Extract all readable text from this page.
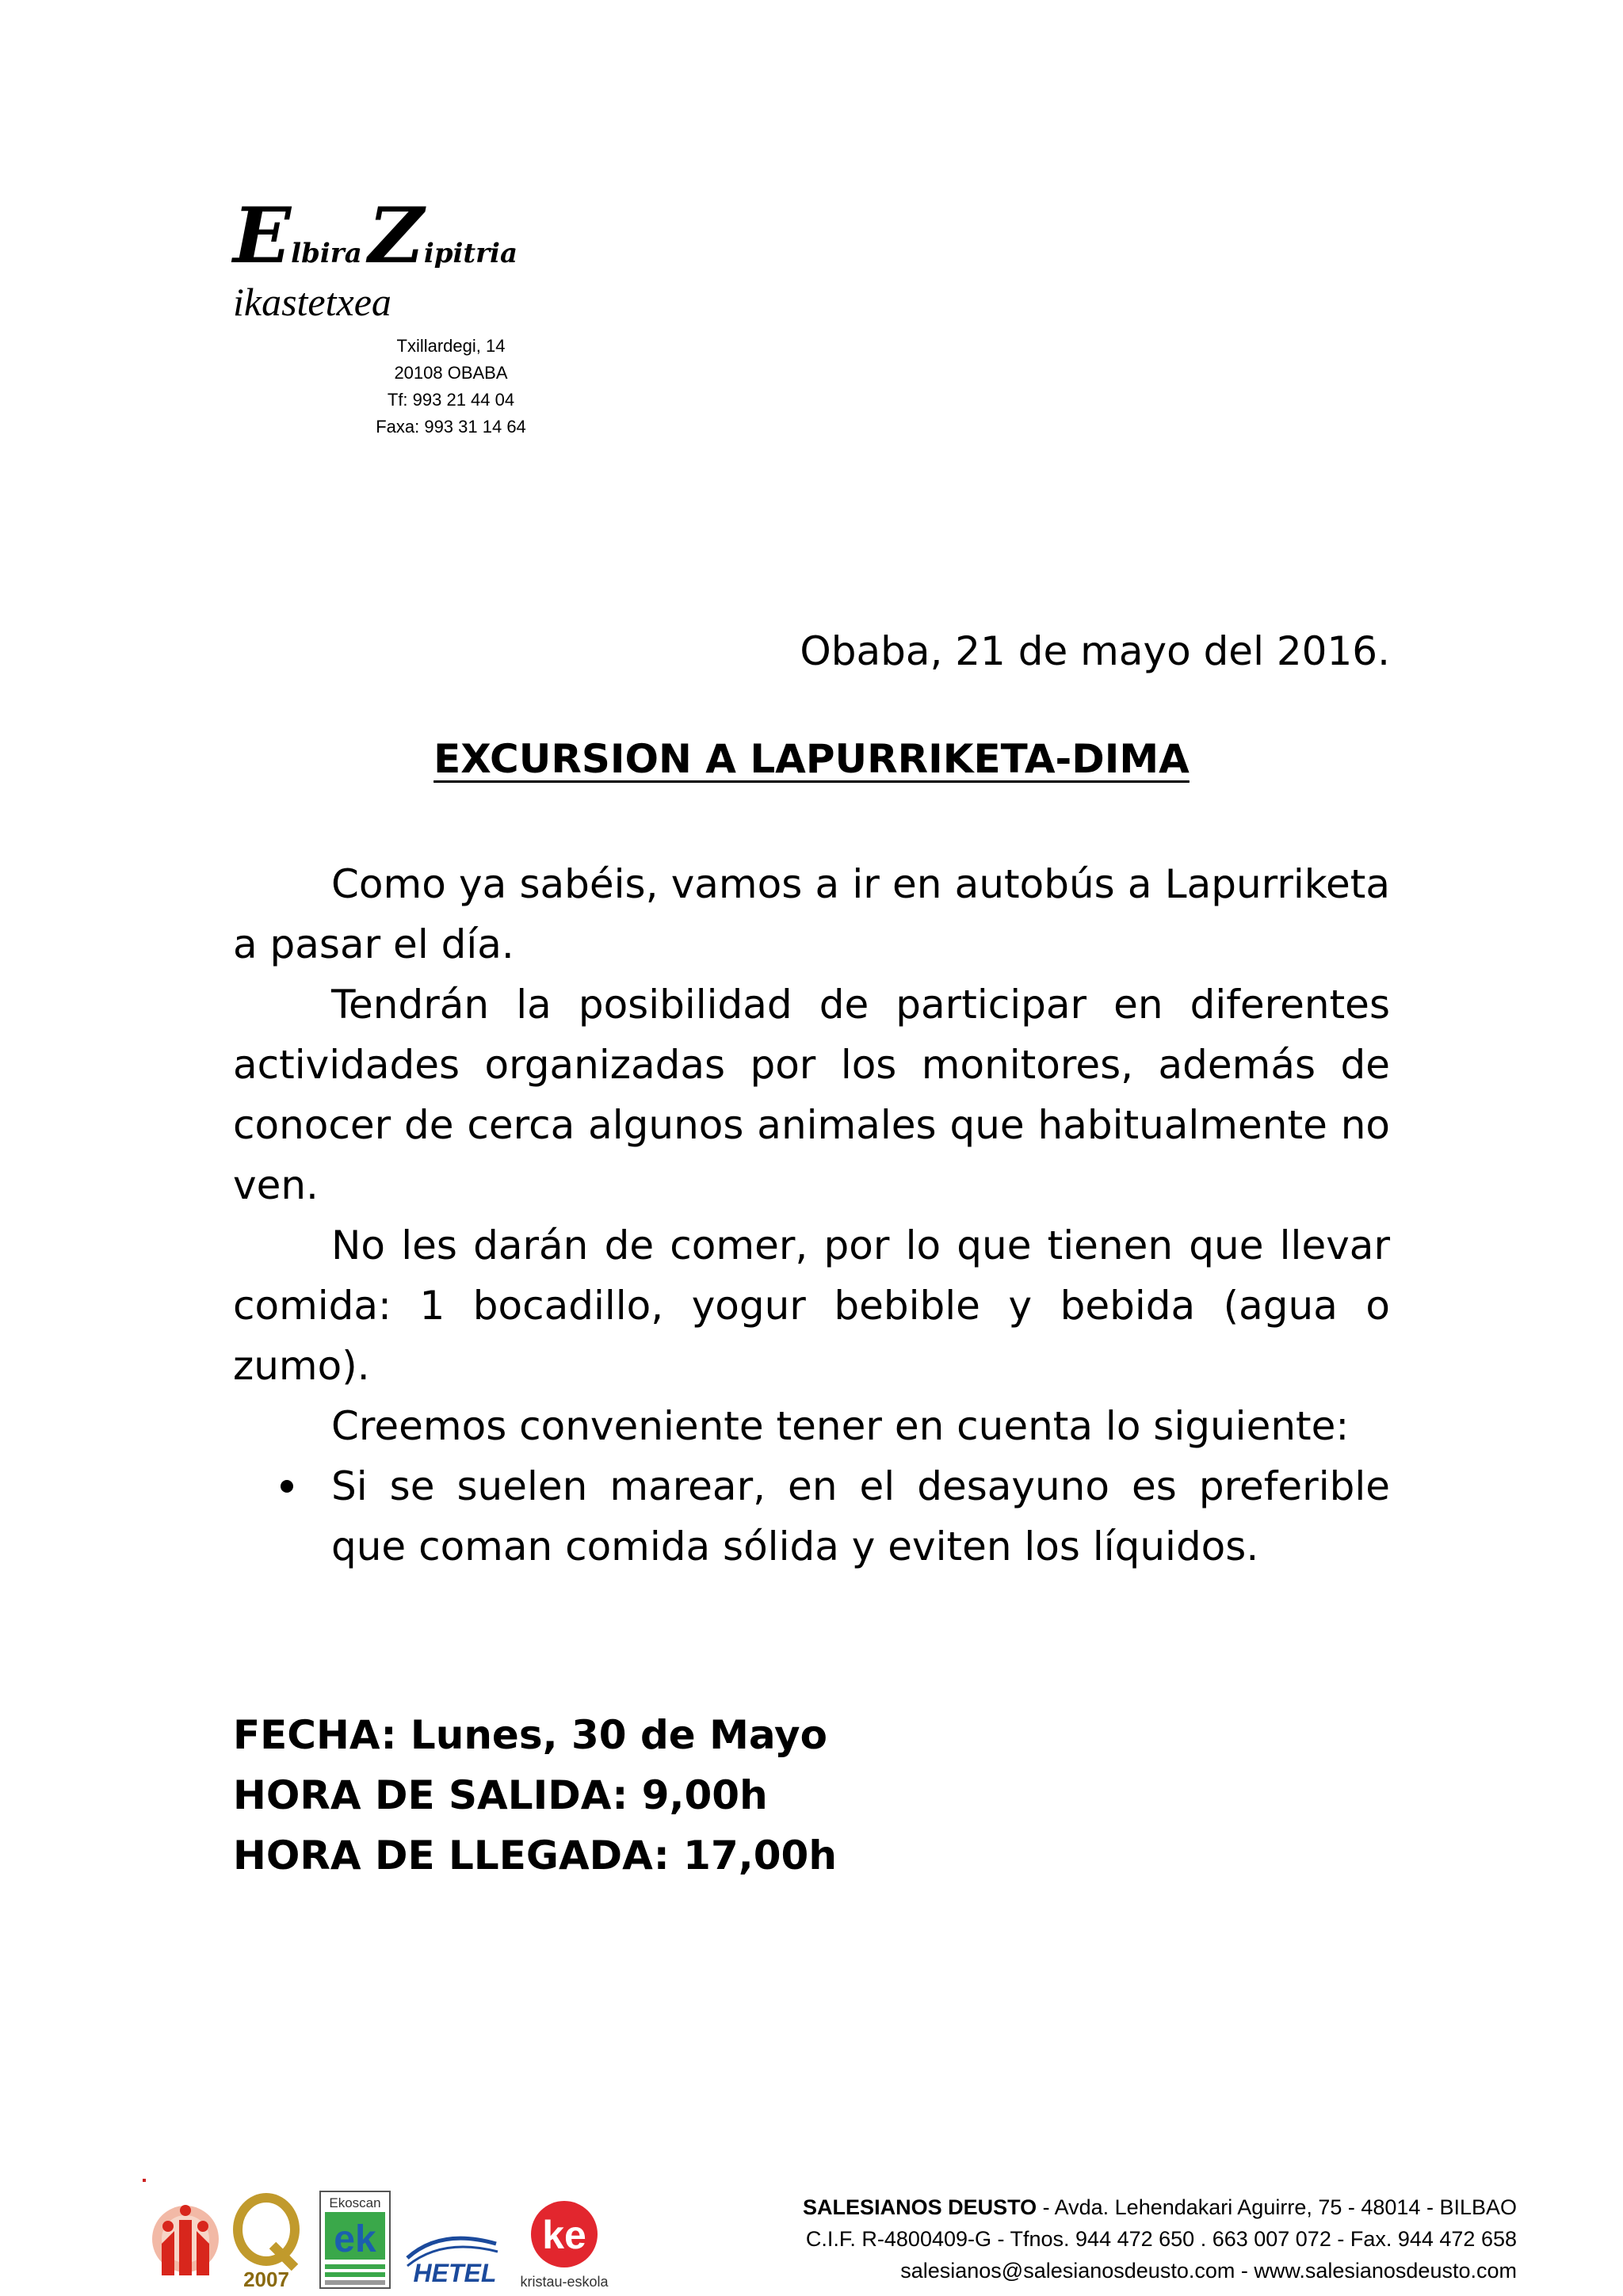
ElbiraZipitria
ikastetxea
Txillardegi, 14
20108 OBABA
Tf: 993 21 44 04
Faxa: 993 31 14 64
Obaba, 21 de mayo del 2016.
EXCURSION A LAPURRIKETA-DIMA

Como ya sabéis, vamos a ir en autobús a Lapurriketa a pasar el día.

Tendrán la posibilidad de participar en diferentes actividades organizadas por los monitores, además de conocer de cerca algunos animales que habitualmente no ven.

No les darán de comer, por lo que tienen que llevar comida: 1 bocadillo, yogur bebible y bebida (agua o zumo).

Creemos conveniente tener en cuenta lo siguiente:

Si se suelen marear, en el desayuno es preferible que coman comida sólida y eviten los líquidos.
FECHA: Lunes, 30 de Mayo
HORA DE SALIDA: 9,00h
HORA DE LLEGADA: 17,00h
2007
Ekoscan
ek
HETEL
ke
kristau-eskola
SALESIANOS DEUSTO - Avda. Lehendakari Aguirre, 75 - 48014 - BILBAO
C.I.F. R-4800409-G - Tfnos. 944 472 650 . 663 007 072 - Fax. 944 472 658
salesianos@salesianosdeusto.com - www.salesianosdeusto.com
